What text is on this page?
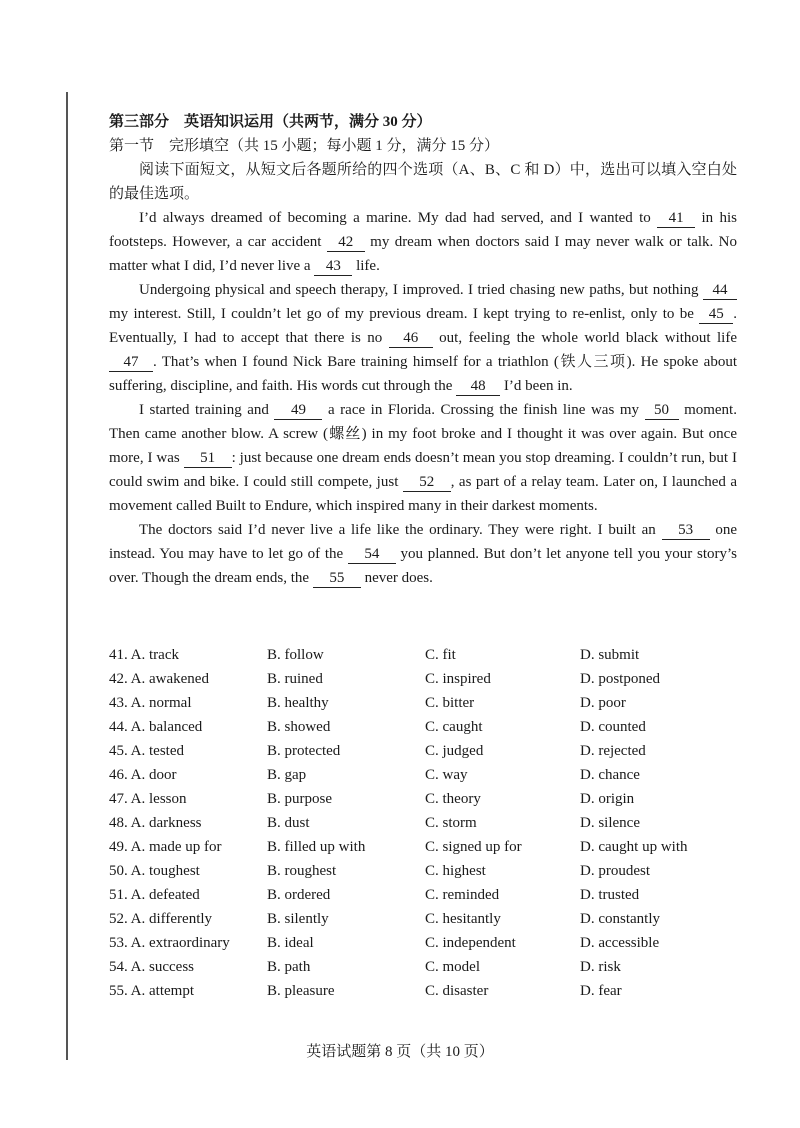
第三部分　英语知识运用（共两节，满分 30 分）
第一节　完形填空（共 15 小题；每小题 1 分，满分 15 分）

阅读下面短文，从短文后各题所给的四个选项（A、B、C 和 D）中，选出可以填入空白处的最佳选项。

I’d always dreamed of becoming a marine. My dad had served, and I wanted to 41 in his footsteps. However, a car accident 42 my dream when doctors said I may never walk or talk. No matter what I did, I’d never live a 43 life.

Undergoing physical and speech therapy, I improved. I tried chasing new paths, but nothing 44 my interest. Still, I couldn’t let go of my previous dream. I kept trying to re-enlist, only to be 45 . Eventually, I had to accept that there is no 46 out, feeling the whole world black without life 47 . That’s when I found Nick Bare training himself for a triathlon (铁人三项). He spoke about suffering, discipline, and faith. His words cut through the 48 I’d been in.

I started training and 49 a race in Florida. Crossing the finish line was my 50 moment. Then came another blow. A screw (螺丝) in my foot broke and I thought it was over again. But once more, I was 51 : just because one dream ends doesn’t mean you stop dreaming. I couldn’t run, but I could swim and bike. I could still compete, just 52 , as part of a relay team. Later on, I launched a movement called Built to Endure, which inspired many in their darkest moments.

The doctors said I’d never live a life like the ordinary. They were right. I built an 53 one instead. You may have to let go of the 54 you planned. But don’t let anyone tell you your story’s over. Though the dream ends, the 55 never does.

41. A. track	B. follow	C. fit	D. submit
42. A. awakened	B. ruined	C. inspired	D. postponed
43. A. normal	B. healthy	C. bitter	D. poor
44. A. balanced	B. showed	C. caught	D. counted
45. A. tested	B. protected	C. judged	D. rejected
46. A. door	B. gap	C. way	D. chance
47. A. lesson	B. purpose	C. theory	D. origin
48. A. darkness	B. dust	C. storm	D. silence
49. A. made up for	B. filled up with	C. signed up for	D. caught up with
50. A. toughest	B. roughest	C. highest	D. proudest
51. A. defeated	B. ordered	C. reminded	D. trusted
52. A. differently	B. silently	C. hesitantly	D. constantly
53. A. extraordinary	B. ideal	C. independent	D. accessible
54. A. success	B. path	C. model	D. risk
55. A. attempt	B. pleasure	C. disaster	D. fear
英语试题第 8 页（共 10 页）
